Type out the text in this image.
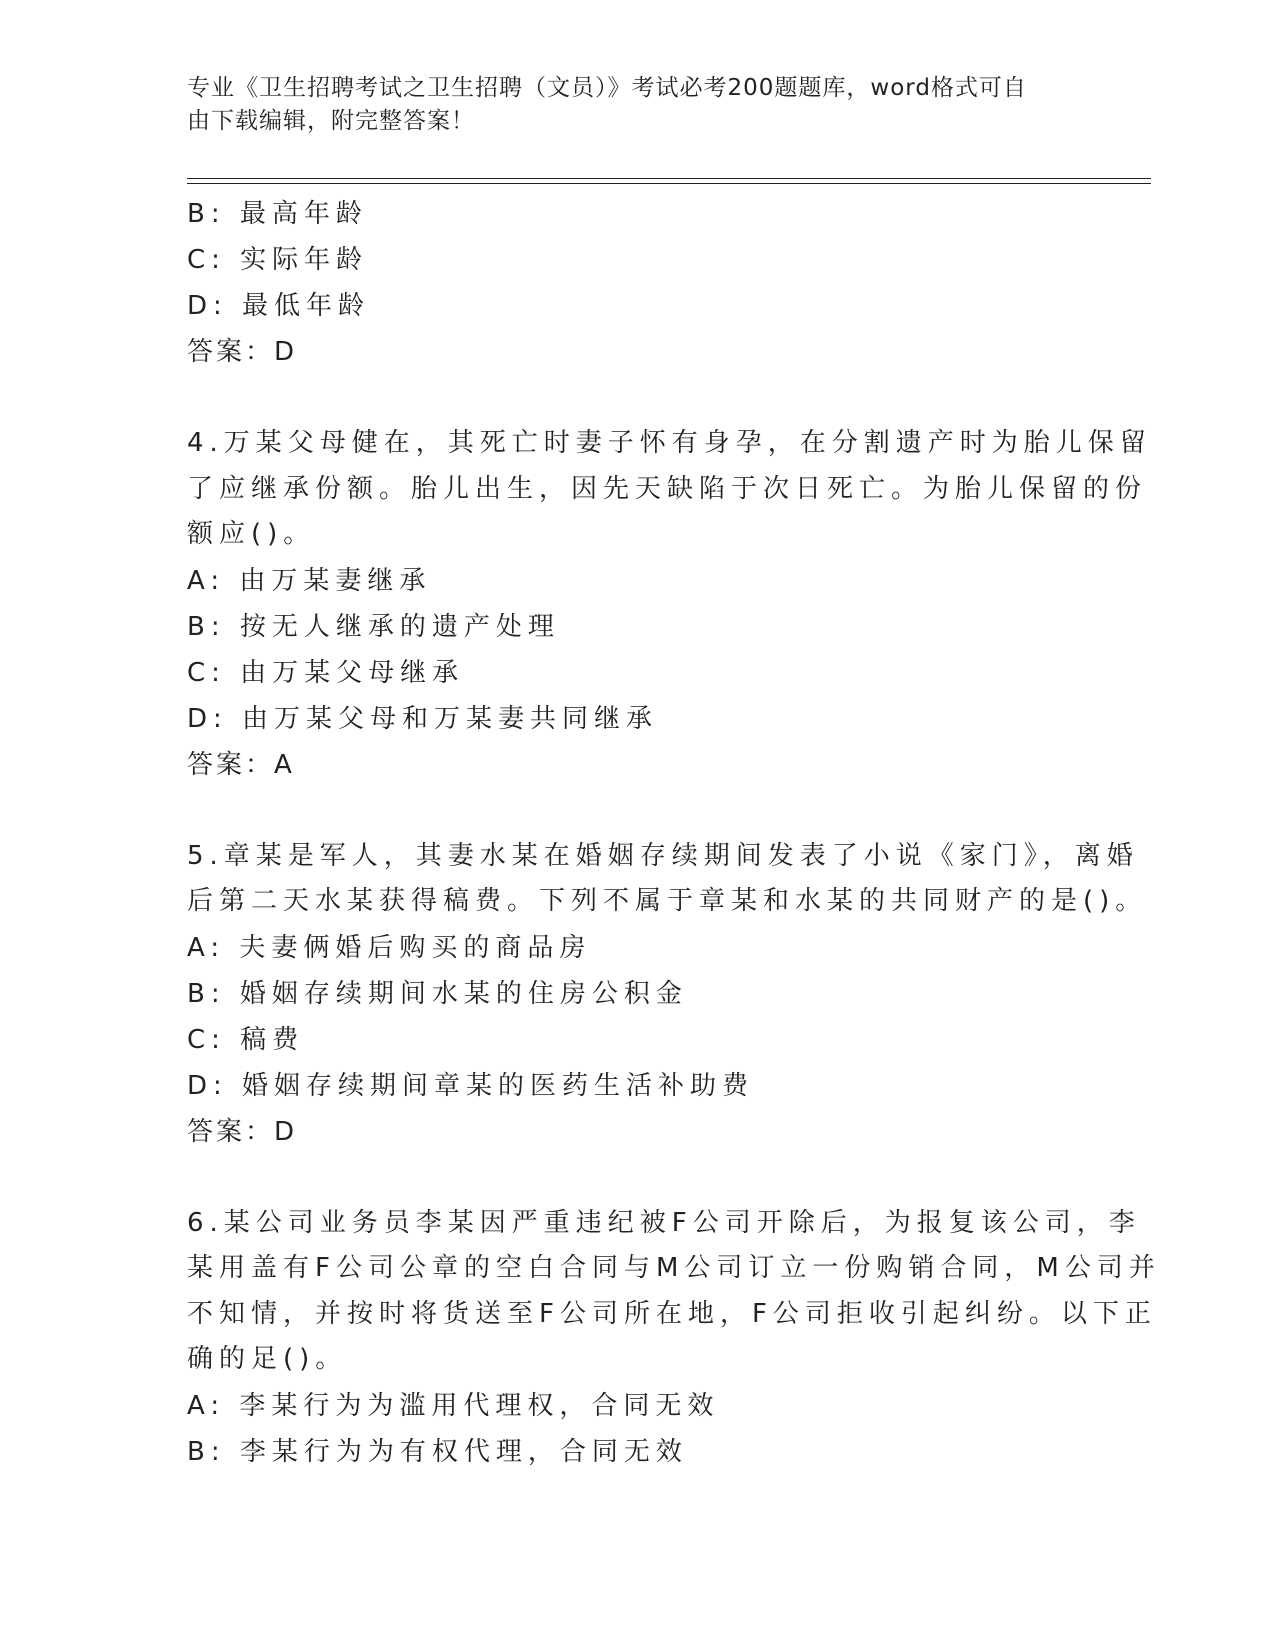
专业《卫生招聘考试之卫生招聘（文员）》考试必考200题题库，word格式可自
由下载编辑，附完整答案！
B: 最高年龄
C: 实际年龄
D: 最低年龄
答案：D
4.万某父母健在，其死亡时妻子怀有身孕，在分割遗产时为胎儿保留
了应继承份额。胎儿出生，因先天缺陷于次日死亡。为胎儿保留的份
额应()。
A: 由万某妻继承
B: 按无人继承的遗产处理
C: 由万某父母继承
D: 由万某父母和万某妻共同继承
答案：A
5.章某是军人，其妻水某在婚姻存续期间发表了小说《家门》，离婚
后第二天水某获得稿费。下列不属于章某和水某的共同财产的是()。
A: 夫妻俩婚后购买的商品房
B: 婚姻存续期间水某的住房公积金
C: 稿费
D: 婚姻存续期间章某的医药生活补助费
答案：D
6.某公司业务员李某因严重违纪被F公司开除后，为报复该公司，李
某用盖有F公司公章的空白合同与M公司订立一份购销合同，M公司并
不知情，并按时将货送至F公司所在地，F公司拒收引起纠纷。以下正
确的足()。
A: 李某行为为滥用代理权，合同无效
B: 李某行为为有权代理，合同无效
